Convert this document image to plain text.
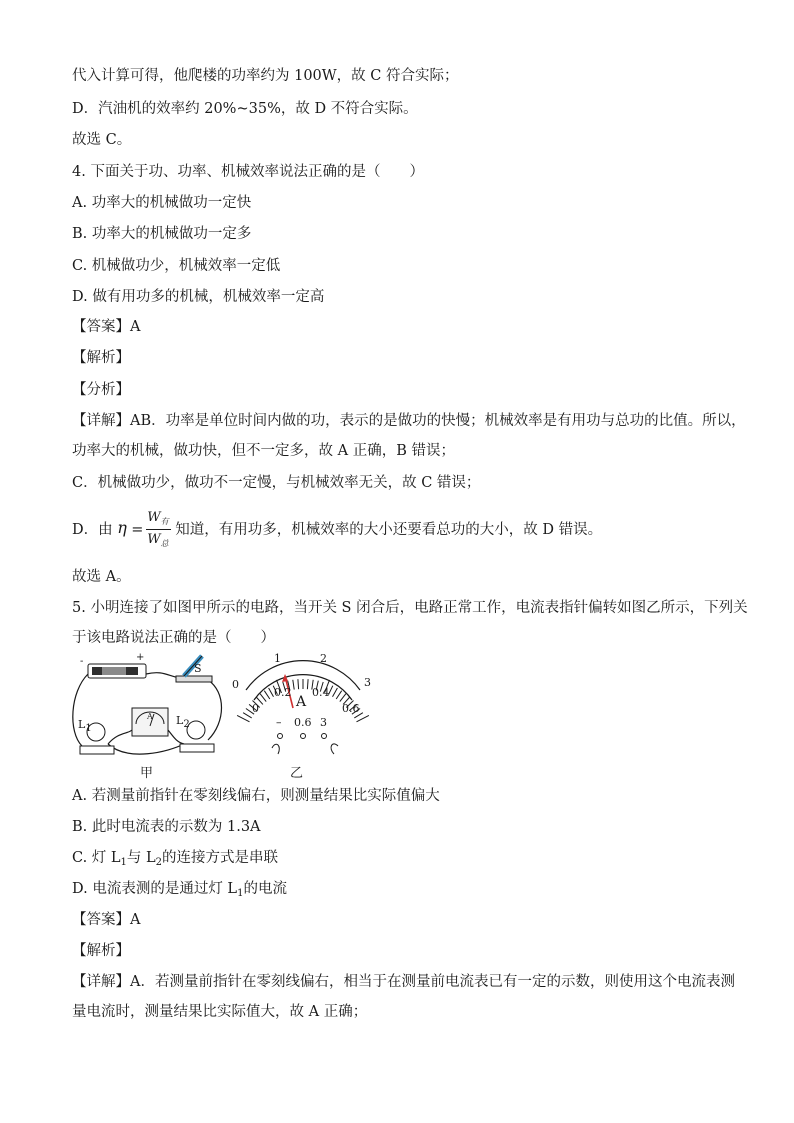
代入计算可得，他爬楼的功率约为 100W，故 C 符合实际；
D．汽油机的效率约 20%~35%，故 D 不符合实际。
故选 C。
4. 下面关于功、功率、机械效率说法正确的是（　　）
A. 功率大的机械做功一定快
B. 功率大的机械做功一定多
C. 机械做功少，机械效率一定低
D. 做有用功多的机械，机械效率一定高
【答案】A
【解析】
【分析】
【详解】AB．功率是单位时间内做的功，表示的是做功的快慢；机械效率是有用功与总功的比值。所以，
功率大的机械，做功快，但不一定多，故 A 正确，B 错误；
C．机械做功少，做功不一定慢，与机械效率无关，故 C 错误；
D．由 η =
$W_有$
$W_总$
知道，有用功多，机械效率的大小还要看总功的大小，故 D 错误。
故选 A。
5. 小明连接了如图甲所示的电路，当开关 S 闭合后，电路正常工作，电流表指针偏转如图乙所示，下列关
于该电路说法正确的是（　　）
+
-
S
A
$L_1$
$L_2$
甲
0
1	2
3
0
0.2 0.4
0.6
A
– 0.6 3
乙
A. 若测量前指针在零刻线偏右，则测量结果比实际值偏大
B. 此时电流表的示数为 1.3A
C. 灯 $L_1$与 $L_2$的连接方式是串联
D. 电流表测的是通过灯 $L_1$的电流
【答案】A
【解析】
【详解】A．若测量前指针在零刻线偏右，相当于在测量前电流表已有一定的示数，则使用这个电流表测
量电流时，测量结果比实际值大，故 A 正确；
